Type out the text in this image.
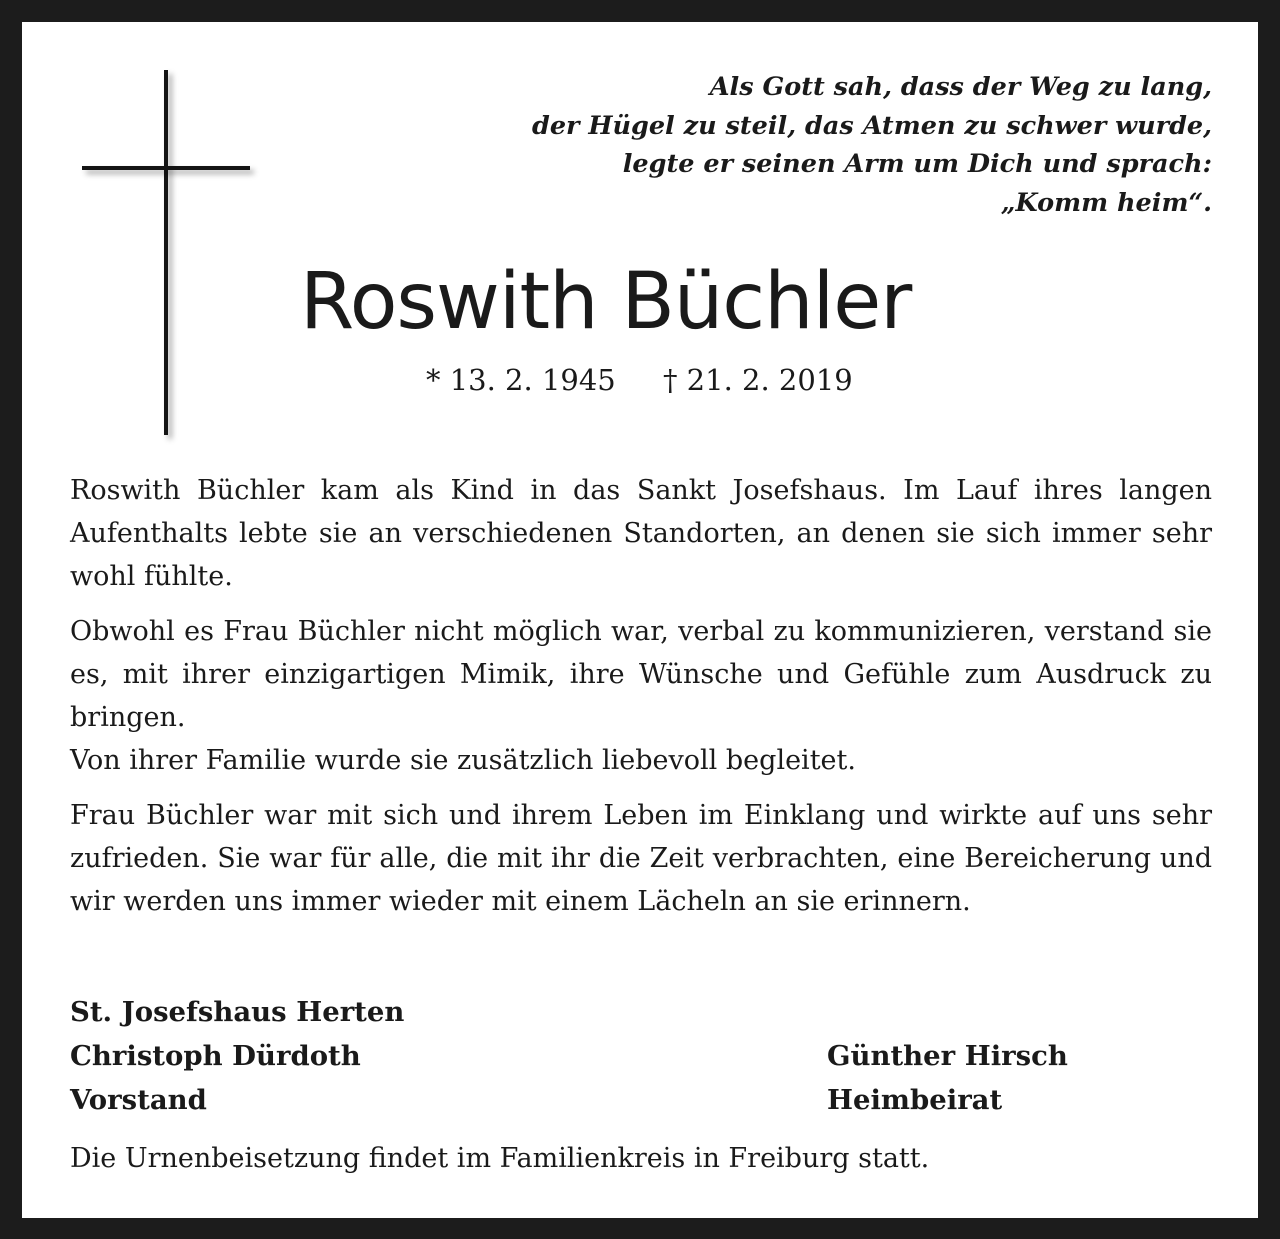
Als Gott sah, dass der Weg zu lang,
der Hügel zu steil, das Atmen zu schwer wurde,
legte er seinen Arm um Dich und sprach:
„Komm heim“.
Roswith Büchler
* 13. 2. 1945 † 21. 2. 2019

Roswith Büchler kam als Kind in das Sankt Josefshaus. Im Lauf ihres langen Aufenthalts lebte sie an verschiedenen Standorten, an denen sie sich immer sehr wohl fühlte.

Obwohl es Frau Büchler nicht möglich war, verbal zu kommunizieren, verstand sie es, mit ihrer einzigartigen Mimik, ihre Wünsche und Gefühle zum Ausdruck zu bringen.

Von ihrer Familie wurde sie zusätzlich liebevoll begleitet.

Frau Büchler war mit sich und ihrem Leben im Einklang und wirkte auf uns sehr zufrieden. Sie war für alle, die mit ihr die Zeit verbrachten, eine Bereicherung und wir werden uns immer wieder mit einem Lächeln an sie erinnern.

St. Josefshaus Herten
Christoph Dürdoth	Günther Hirsch
Vorstand	Heimbeirat
Die Urnenbeisetzung findet im Familienkreis in Freiburg statt.
